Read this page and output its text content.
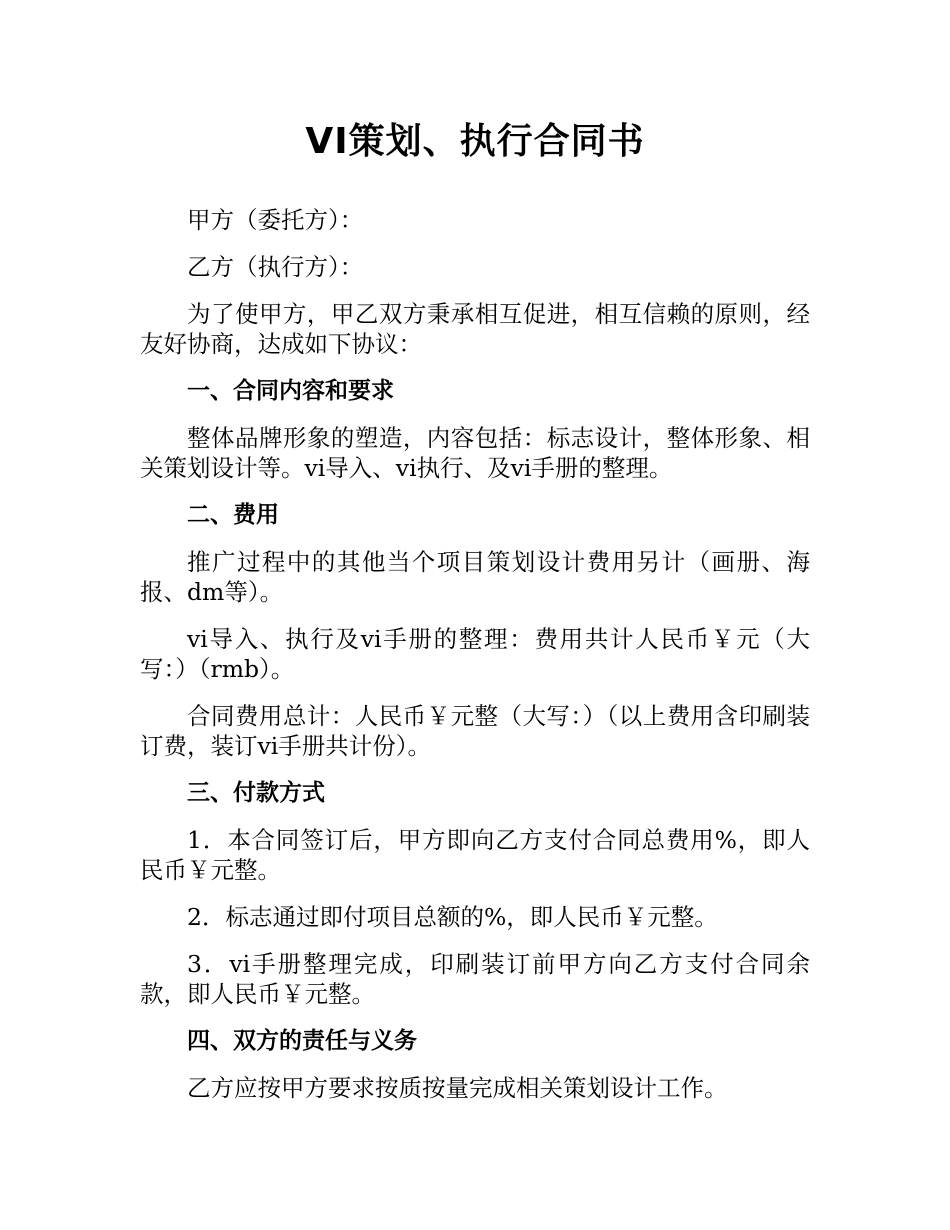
VI策划、执行合同书

甲方（委托方）：

乙方（执行方）：

为了使甲方，甲乙双方秉承相互促进，相互信赖的原则，经友好协商，达成如下协议：

一、合同内容和要求

整体品牌形象的塑造，内容包括：标志设计，整体形象、相关策划设计等。vi导入、vi执行、及vi手册的整理。

二、费用

推广过程中的其他当个项目策划设计费用另计（画册、海报、dm等）。

vi导入、执行及vi手册的整理：费用共计人民币￥元（大写：）（rmb）。

合同费用总计：人民币￥元整（大写：）（以上费用含印刷装订费，装订vi手册共计份）。

三、付款方式

1．本合同签订后，甲方即向乙方支付合同总费用%，即人民币￥元整。

2．标志通过即付项目总额的%，即人民币￥元整。

3．vi手册整理完成，印刷装订前甲方向乙方支付合同余款，即人民币￥元整。

四、双方的责任与义务

乙方应按甲方要求按质按量完成相关策划设计工作。
